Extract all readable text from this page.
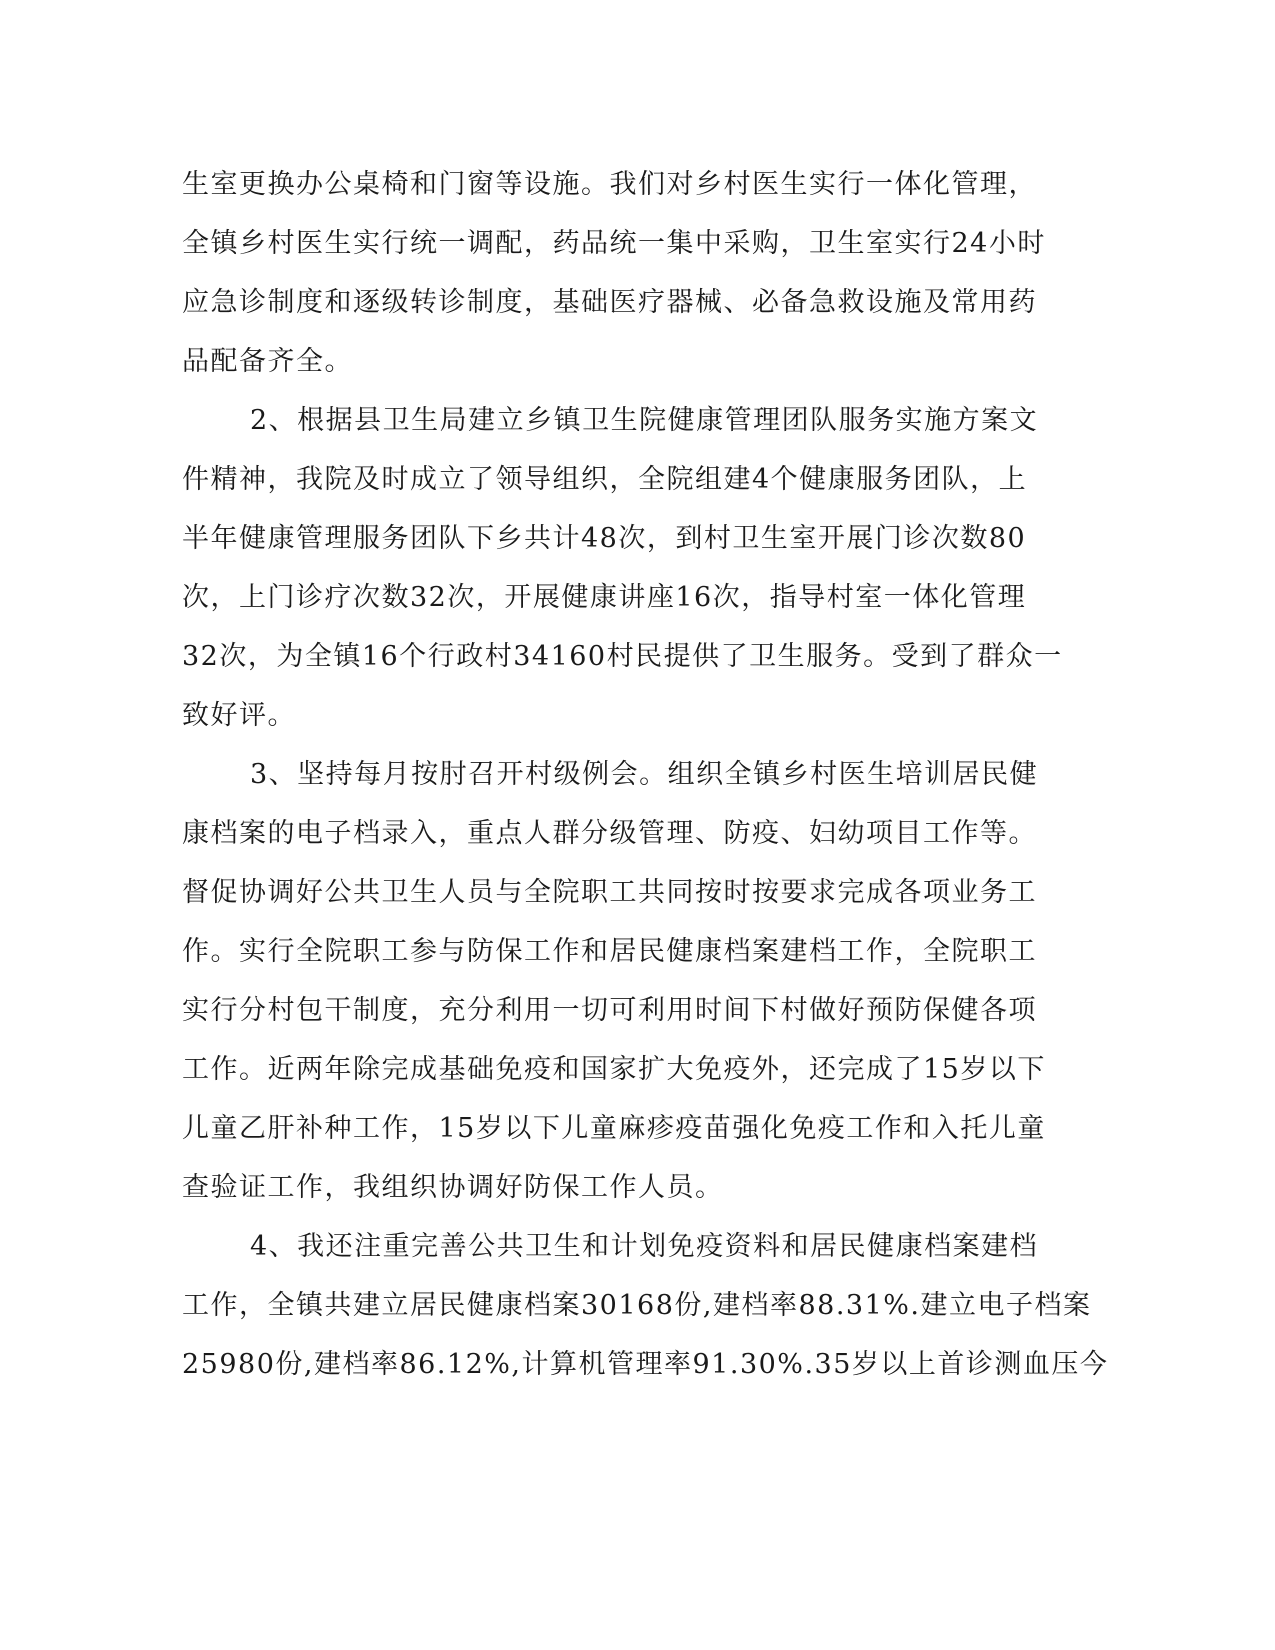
生室更换办公桌椅和门窗等设施。我们对乡村医生实行一体化管理，
全镇乡村医生实行统一调配，药品统一集中采购，卫生室实行24小时
应急诊制度和逐级转诊制度，基础医疗器械、必备急救设施及常用药
品配备齐全。
2、根据县卫生局建立乡镇卫生院健康管理团队服务实施方案文
件精神，我院及时成立了领导组织，全院组建4个健康服务团队，上
半年健康管理服务团队下乡共计48次，到村卫生室开展门诊次数80
次，上门诊疗次数32次，开展健康讲座16次，指导村室一体化管理
32次，为全镇16个行政村34160村民提供了卫生服务。受到了群众一
致好评。
3、坚持每月按肘召开村级例会。组织全镇乡村医生培训居民健
康档案的电子档录入，重点人群分级管理、防疫、妇幼项目工作等。
督促协调好公共卫生人员与全院职工共同按时按要求完成各项业务工
作。实行全院职工参与防保工作和居民健康档案建档工作，全院职工
实行分村包干制度，充分利用一切可利用时间下村做好预防保健各项
工作。近两年除完成基础免疫和国家扩大免疫外，还完成了15岁以下
儿童乙肝补种工作，15岁以下儿童麻疹疫苗强化免疫工作和入托儿童
查验证工作，我组织协调好防保工作人员。
4、我还注重完善公共卫生和计划免疫资料和居民健康档案建档
工作，全镇共建立居民健康档案30168份,建档率88.31%.建立电子档案
25980份,建档率86.12%,计算机管理率91.30%.35岁以上首诊测血压今
